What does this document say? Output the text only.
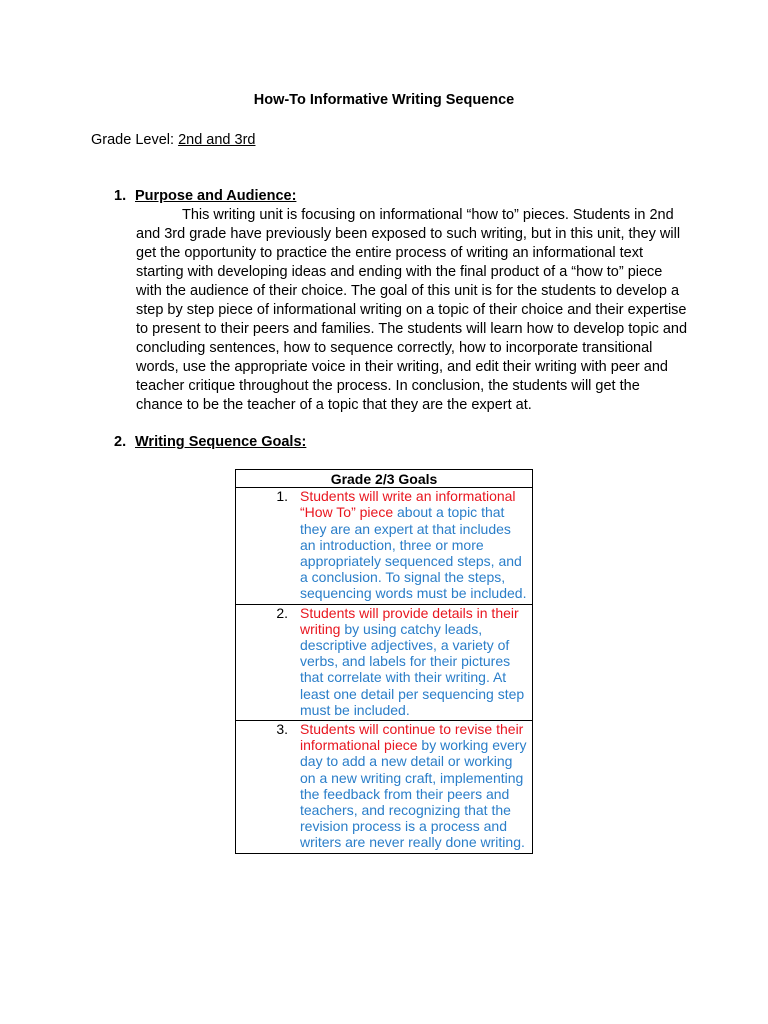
How-To Informative Writing Sequence
Grade Level: 2nd and 3rd
1. Purpose and Audience:
This writing unit is focusing on informational “how to” pieces. Students in 2nd and 3rd grade have previously been exposed to such writing, but in this unit, they will get the opportunity to practice the entire process of writing an informational text starting with developing ideas and ending with the final product of a “how to” piece with the audience of their choice. The goal of this unit is for the students to develop a step by step piece of informational writing on a topic of their choice and their expertise to present to their peers and families. The students will learn how to develop topic and concluding sentences, how to sequence correctly, how to incorporate transitional words, use the appropriate voice in their writing, and edit their writing with peer and teacher critique throughout the process. In conclusion, the students will get the chance to be the teacher of a topic that they are the expert at.
2. Writing Sequence Goals:
Grade 2/3 Goals

1. Students will write an informational “How To” piece about a topic that they are an expert at that includes an introduction, three or more appropriately sequenced steps, and a conclusion. To signal the steps, sequencing words must be included.

2. Students will provide details in their writing by using catchy leads, descriptive adjectives, a variety of verbs, and labels for their pictures that correlate with their writing. At least one detail per sequencing step must be included.

3. Students will continue to revise their informational piece by working every day to add a new detail or working on a new writing craft, implementing the feedback from their peers and teachers, and recognizing that the revision process is a process and writers are never really done writing.
